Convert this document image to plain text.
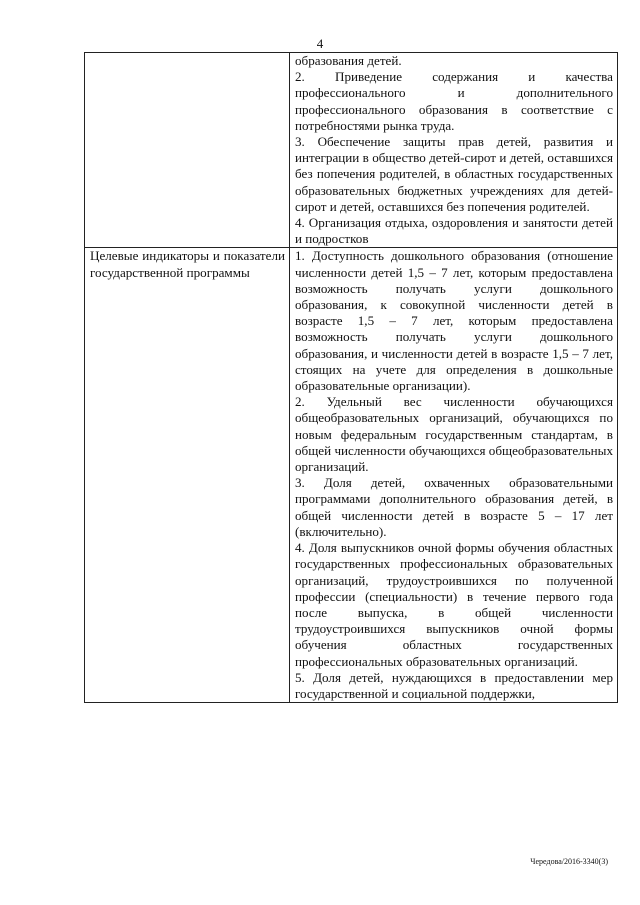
4

	образования детей.

2. Приведение содержания и качества профессионального и дополнительного профессионального образования в соответствие с потребностями рынка труда.

3. Обеспечение защиты прав детей, развития и интеграции в общество детей-сирот и детей, оставшихся без попечения родителей, в областных государственных образовательных бюджетных учреждениях для детей-сирот и детей, оставшихся без попечения родителей.

4. Организация отдыха, оздоровления и занятости детей и подростков

Целевые индикаторы и показатели государственной программы	1. Доступность дошкольного образования (отношение численности детей 1,5 – 7 лет, которым предоставлена возможность получать услуги дошкольного образования, к совокупной численности детей в возрасте 1,5 – 7 лет, которым предоставлена возможность получать услуги дошкольного образования, и численности детей в возрасте 1,5 – 7 лет, стоящих на учете для определения в дошкольные образовательные организации).

2. Удельный вес численности обучающихся общеобразовательных организаций, обучающихся по новым федеральным государственным стандартам, в общей численности обучающихся общеобразовательных организаций.

3. Доля детей, охваченных образовательными программами дополнительного образования детей, в общей численности детей в возрасте 5 – 17 лет (включительно).

4. Доля выпускников очной формы обучения областных государственных профессиональных образовательных организаций, трудоустроившихся по полученной профессии (специальности) в течение первого года после выпуска, в общей численности трудоустроившихся выпускников очной формы обучения областных государственных профессиональных образовательных организаций.

5. Доля детей, нуждающихся в предоставлении мер государственной и социальной поддержки,

Чередова/2016-3340(3)
